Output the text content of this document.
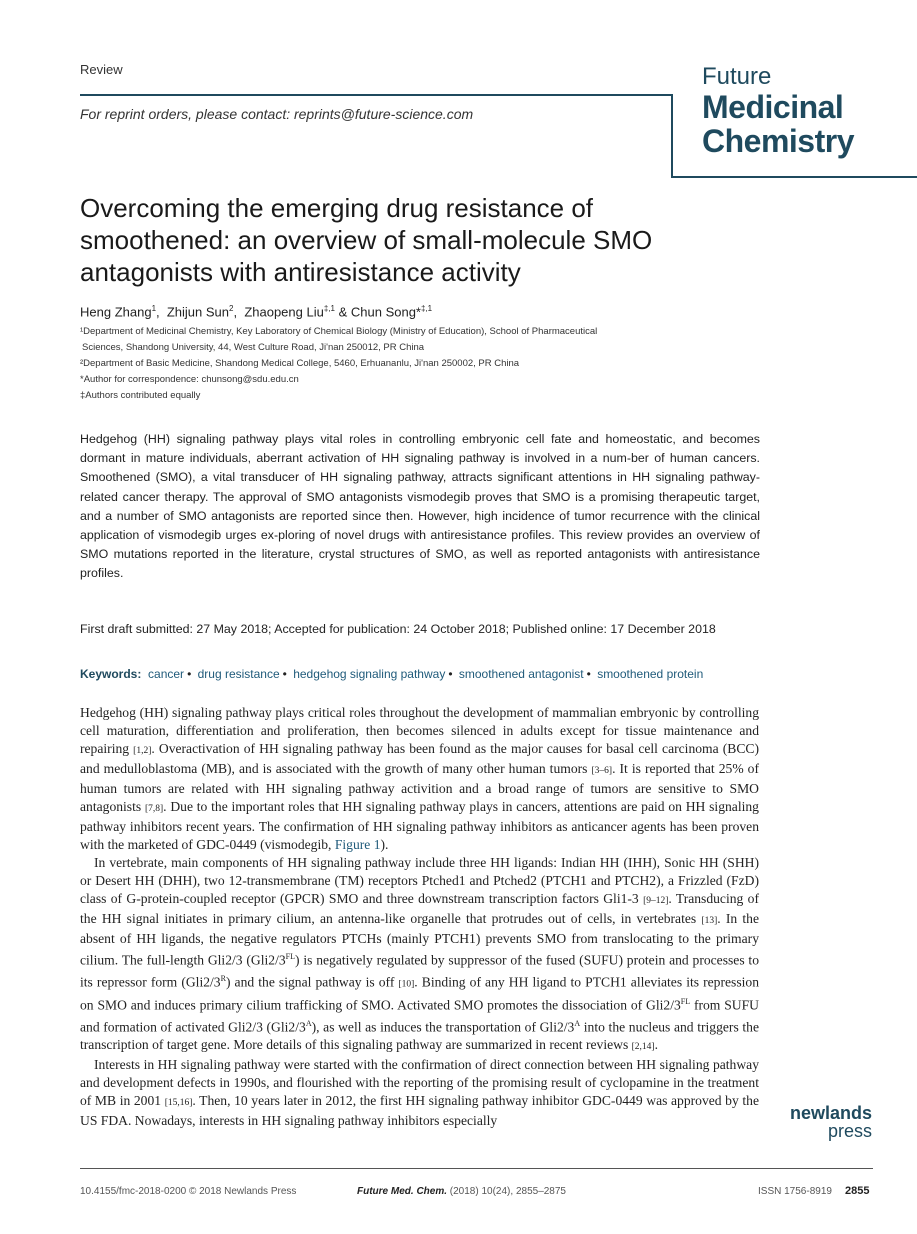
Review
For reprint orders, please contact: reprints@future-science.com
Future
Medicinal
Chemistry
Overcoming the emerging drug resistance of smoothened: an overview of small-molecule SMO antagonists with antiresistance activity
Heng Zhang$^1$,  Zhijun Sun$^2$,  Zhaopeng Liu$^{\ddagger,1}$ & Chun Song*$^{\ddagger,1}$
¹Department of Medicinal Chemistry, Key Laboratory of Chemical Biology (Ministry of Education), School of Pharmaceutical
Sciences, Shandong University, 44, West Culture Road, Ji'nan 250012, PR China
²Department of Basic Medicine, Shandong Medical College, 5460, Erhuananlu, Ji'nan 250002, PR China
*Author for correspondence: chunsong@sdu.edu.cn
‡Authors contributed equally
Hedgehog (HH) signaling pathway plays vital roles in controlling embryonic cell fate and homeostatic, and becomes dormant in mature individuals, aberrant activation of HH signaling pathway is involved in a num-ber of human cancers. Smoothened (SMO), a vital transducer of HH signaling pathway, attracts significant attentions in HH signaling pathway-related cancer therapy. The approval of SMO antagonists vismodegib proves that SMO is a promising therapeutic target, and a number of SMO antagonists are reported since then. However, high incidence of tumor recurrence with the clinical application of vismodegib urges ex-ploring of novel drugs with antiresistance profiles. This review provides an overview of SMO mutations reported in the literature, crystal structures of SMO, as well as reported antagonists with antiresistance profiles.
First draft submitted: 27 May 2018; Accepted for publication: 24 October 2018; Published online: 17 December 2018
Keywords: cancer • drug resistance • hedgehog signaling pathway • smoothened antagonist • smoothened protein

Hedgehog (HH) signaling pathway plays critical roles throughout the development of mammalian embryonic by controlling cell maturation, differentiation and proliferation, then becomes silenced in adults except for tissue maintenance and repairing [1,2]. Overactivation of HH signaling pathway has been found as the major causes for basal cell carcinoma (BCC) and medulloblastoma (MB), and is associated with the growth of many other human tumors [3–6]. It is reported that 25% of human tumors are related with HH signaling pathway activition and a broad range of tumors are sensitive to SMO antagonists [7,8]. Due to the important roles that HH signaling pathway plays in cancers, attentions are paid on HH signaling pathway inhibitors recent years. The confirmation of HH signaling pathway inhibitors as anticancer agents has been proven with the marketed of GDC-0449 (vismodegib, Figure 1).

In vertebrate, main components of HH signaling pathway include three HH ligands: Indian HH (IHH), Sonic HH (SHH) or Desert HH (DHH), two 12-transmembrane (TM) receptors Ptched1 and Ptched2 (PTCH1 and PTCH2), a Frizzled (FzD) class of G-protein-coupled receptor (GPCR) SMO and three downstream transcription factors Gli1-3 [9–12]. Transducing of the HH signal initiates in primary cilium, an antenna-like organelle that protrudes out of cells, in vertebrates [13]. In the absent of HH ligands, the negative regulators PTCHs (mainly PTCH1) prevents SMO from translocating to the primary cilium. The full-length Gli2/3 $(Gli2/3^{FL})$ is negatively regulated by suppressor of the fused (SUFU) protein and processes to its repressor form $(Gli2/3^R)$ and the signal pathway is off [10]. Binding of any HH ligand to PTCH1 alleviates its repression on SMO and induces primary cilium trafficking of SMO. Activated SMO promotes the dissociation of $Gli2/3^{FL}$ from SUFU and formation of activated Gli2/3 $(Gli2/3^A)$, as well as induces the transportation of $Gli2/3^A$ into the nucleus and triggers the transcription of target gene. More details of this signaling pathway are summarized in recent reviews [2,14].

Interests in HH signaling pathway were started with the confirmation of direct connection between HH signaling pathway and development defects in 1990s, and flourished with the reporting of the promising result of cyclopamine in the treatment of MB in 2001 [15,16]. Then, 10 years later in 2012, the first HH signaling pathway inhibitor GDC-0449 was approved by the US FDA. Nowadays, interests in HH signaling pathway inhibitors especially	newlands
press
10.4155/fmc-2018-0200 © 2018 Newlands Press	Future Med. Chem. (2018) 10(24), 2855–2875	ISSN 1756-8919 2855
